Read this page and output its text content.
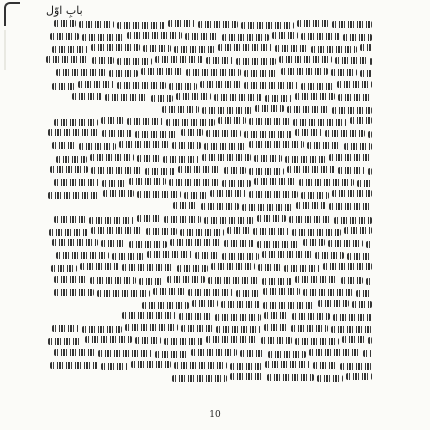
بابِ اوّل
10
